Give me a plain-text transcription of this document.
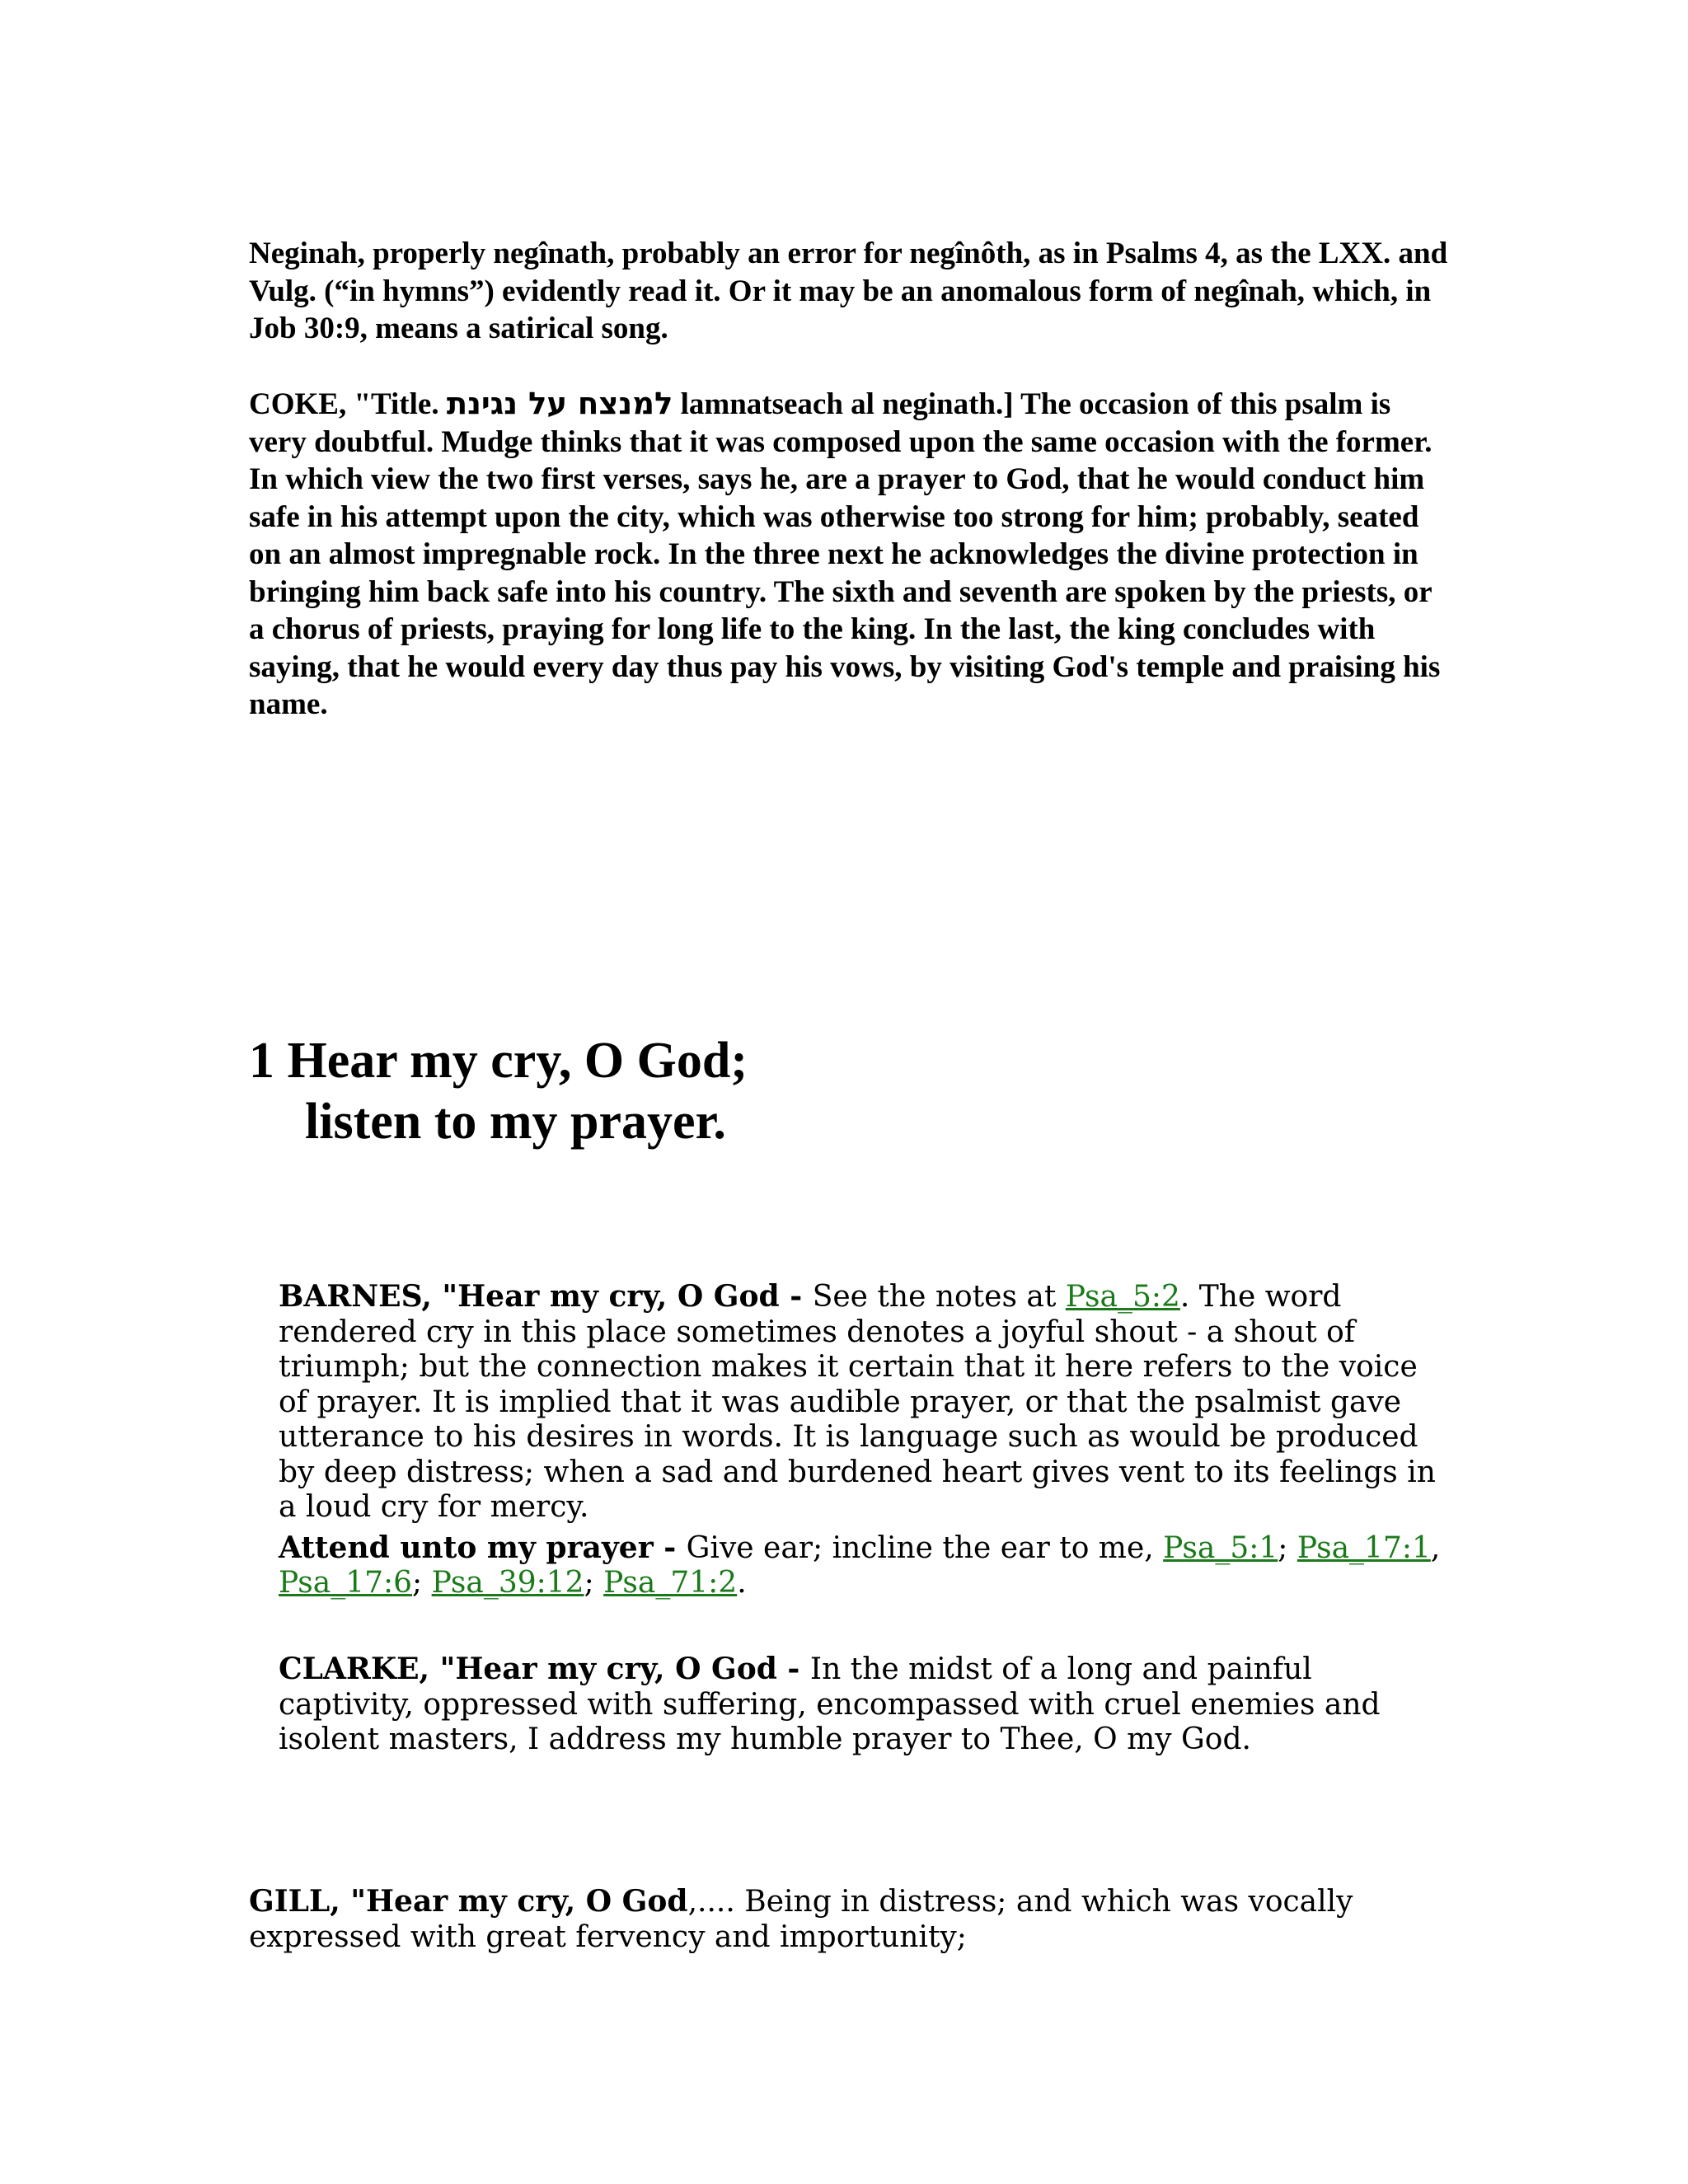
Neginah, properly negînath, probably an error for negînôth, as in Psalms 4, as the LXX. and Vulg. (“in hymns”) evidently read it. Or it may be an anomalous form of negînah, which, in Job 30:9, means a satirical song.

COKE, "Title. למנצח על נגינת lamnatseach al neginath.] The occasion of this psalm is very doubtful. Mudge thinks that it was composed upon the same occasion with the former. In which view the two first verses, says he, are a prayer to God, that he would conduct him safe in his attempt upon the city, which was otherwise too strong for him; probably, seated on an almost impregnable rock. In the three next he acknowledges the divine protection in bringing him back safe into his country. The sixth and seventh are spoken by the priests, or a chorus of priests, praying for long life to the king. In the last, the king concludes with saying, that he would every day thus pay his vows, by visiting God's temple and praising his name.

1 Hear my cry, O God;
listen to my prayer.

BARNES, "Hear my cry, O God - See the notes at Psa_5:2. The word rendered cry in this place sometimes denotes a joyful shout - a shout of triumph; but the connection makes it certain that it here refers to the voice of prayer. It is implied that it was audible prayer, or that the psalmist gave utterance to his desires in words. It is language such as would be produced by deep distress; when a sad and burdened heart gives vent to its feelings in a loud cry for mercy.

Attend unto my prayer - Give ear; incline the ear to me, Psa_5:1; Psa_17:1, Psa_17:6; Psa_39:12; Psa_71:2.

CLARKE, "Hear my cry, O God - In the midst of a long and painful captivity, oppressed with suffering, encompassed with cruel enemies and isolent masters, I address my humble prayer to Thee, O my God.

GILL, "Hear my cry, O God,.... Being in distress; and which was vocally expressed with great fervency and importunity;
